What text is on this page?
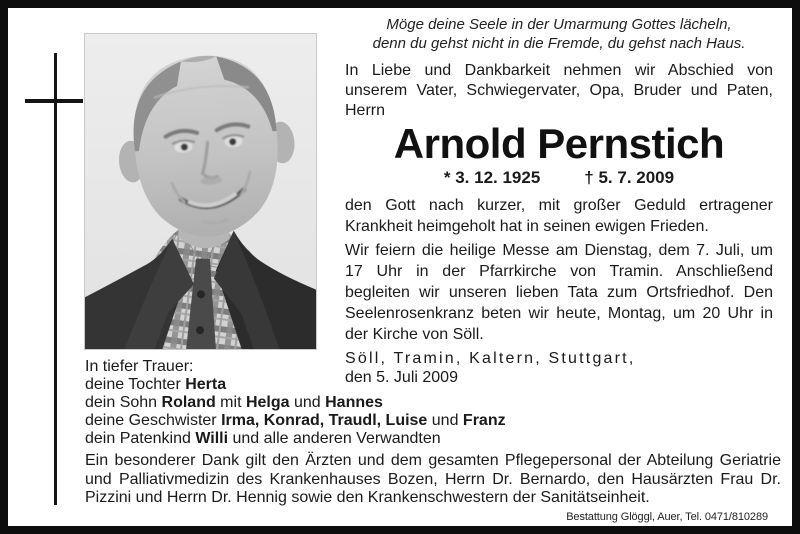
Möge deine Seele in der Umarmung Gottes lächeln,
denn du gehst nicht in die Fremde, du gehst nach Haus.
In Liebe und Dankbarkeit nehmen wir Abschied von unserem Vater, Schwiegervater, Opa, Bruder und Paten, Herrn
Arnold Pernstich
* 3. 12. 1925	† 5. 7. 2009
den Gott nach kurzer, mit großer Geduld ertragener Krankheit heimgeholt hat in seinen ewigen Frieden.
Wir feiern die heilige Messe am Dienstag, dem 7. Juli, um 17 Uhr in der Pfarrkirche von Tramin. Anschließend begleiten wir unseren lieben Tata zum Ortsfriedhof. Den Seelenrosenkranz beten wir heute, Montag, um 20 Uhr in der Kirche von Söll.
Söll, Tramin, Kaltern, Stuttgart,
den 5. Juli 2009
In tiefer Trauer:
deine Tochter Herta
dein Sohn Roland mit Helga und Hannes
deine Geschwister Irma, Konrad, Traudl, Luise und Franz
dein Patenkind Willi und alle anderen Verwandten
Ein besonderer Dank gilt den Ärzten und dem gesamten Pflegepersonal der Abteilung Geriatrie und Palliativmedizin des Krankenhauses Bozen, Herrn Dr. Bernardo, den Hausärzten Frau Dr. Pizzini und Herrn Dr. Hennig sowie den Krankenschwestern der Sanitätseinheit.
Bestattung Glöggl, Auer, Tel. 0471/810289
